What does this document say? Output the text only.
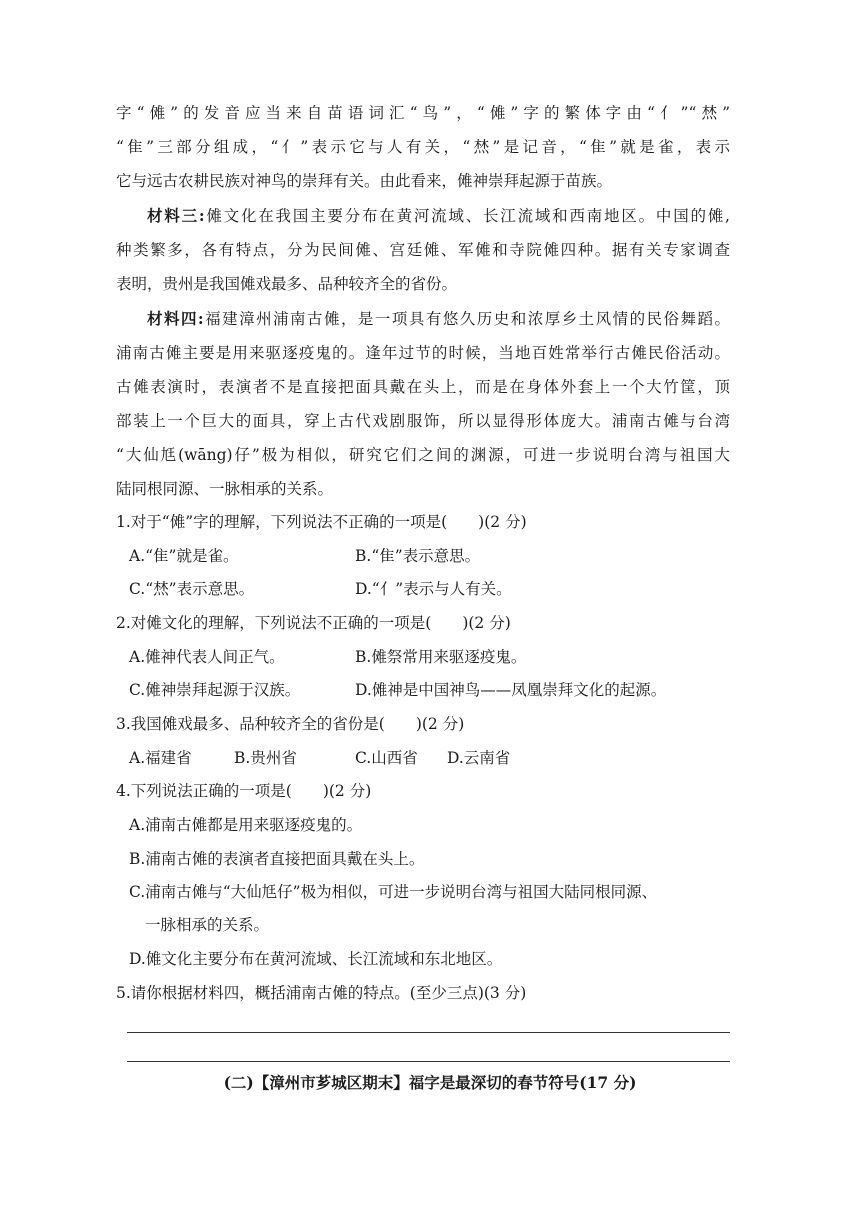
字“傩”的发音应当来自苗语词汇“鸟”，“傩”字的繁体字由“亻”“㷊”
“隹”三部分组成，“亻”表示它与人有关，“㷊”是记音，“隹”就是雀，表示
它与远古农耕民族对神鸟的崇拜有关。由此看来，傩神崇拜起源于苗族。
材料三:傩文化在我国主要分布在黄河流域、长江流域和西南地区。中国的傩,
种类繁多，各有特点，分为民间傩、宫廷傩、军傩和寺院傩四种。据有关专家调查
表明，贵州是我国傩戏最多、品种较齐全的省份。
材料四:福建漳州浦南古傩，是一项具有悠久历史和浓厚乡土风情的民俗舞蹈。
浦南古傩主要是用来驱逐疫鬼的。逢年过节的时候，当地百姓常举行古傩民俗活动。
古傩表演时，表演者不是直接把面具戴在头上，而是在身体外套上一个大竹筐，顶
部装上一个巨大的面具，穿上古代戏剧服饰，所以显得形体庞大。浦南古傩与台湾
“大仙尪(wāng)仔”极为相似，研究它们之间的渊源，可进一步说明台湾与祖国大
陆同根同源、一脉相承的关系。
1.对于“傩”字的理解，下列说法不正确的一项是(　　)(2 分)
A.“隹”就是雀。	B.“隹”表示意思。
C.“㷊”表示意思。	D.“亻”表示与人有关。
2.对傩文化的理解，下列说法不正确的一项是(　　)(2 分)
A.傩神代表人间正气。	B.傩祭常用来驱逐疫鬼。
C.傩神崇拜起源于汉族。	D.傩神是中国神鸟——凤凰崇拜文化的起源。
3.我国傩戏最多、品种较齐全的省份是(　　)(2 分)
A.福建省	B.贵州省	C.山西省 D.云南省
4.下列说法正确的一项是(　　)(2 分)
A.浦南古傩都是用来驱逐疫鬼的。
B.浦南古傩的表演者直接把面具戴在头上。
C.浦南古傩与“大仙尪仔”极为相似，可进一步说明台湾与祖国大陆同根同源、
一脉相承的关系。
D.傩文化主要分布在黄河流域、长江流域和东北地区。
5.请你根据材料四，概括浦南古傩的特点。(至少三点)(3 分)
(二)【漳州市芗城区期末】福字是最深切的春节符号(17 分)
